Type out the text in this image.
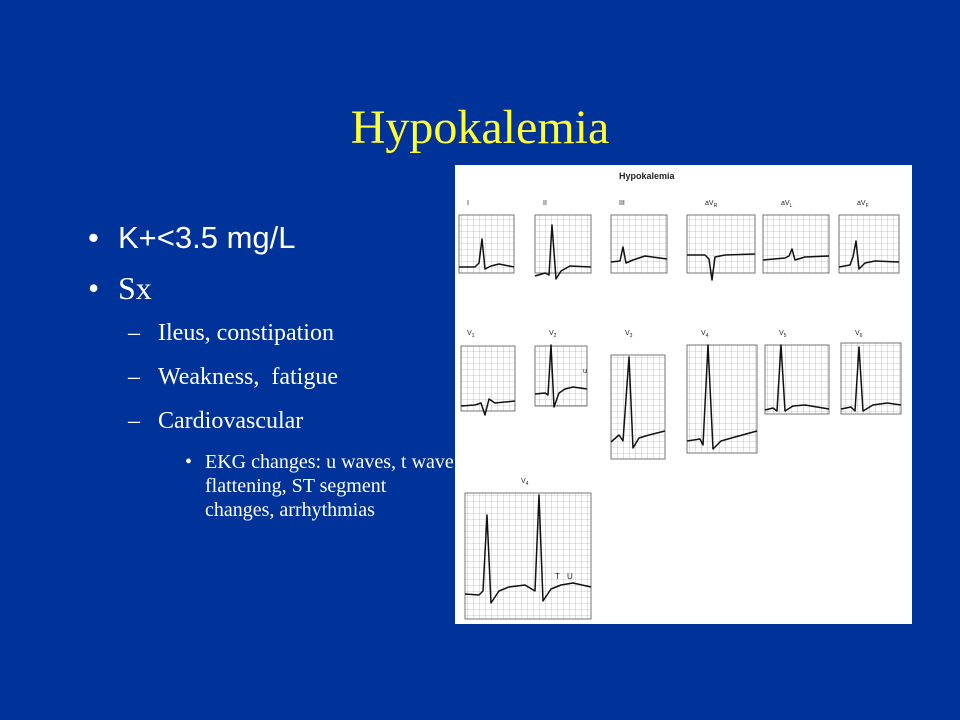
Hypokalemia
• K+<3.5 mg/L
• Sx
– Ileus, constipation
– Weakness,  fatigue
– Cardiovascular
• EKG changes: u waves, t wave flattening, ST segment changes, arrhythmias
Hypokalemia
I	II	III	$aV_R$	$aV_L$	$aV_F$
$V_1$	$V_2$	$V_3$	$V_4$	$V_5$	$V_6$
u
$V_4$
T U
